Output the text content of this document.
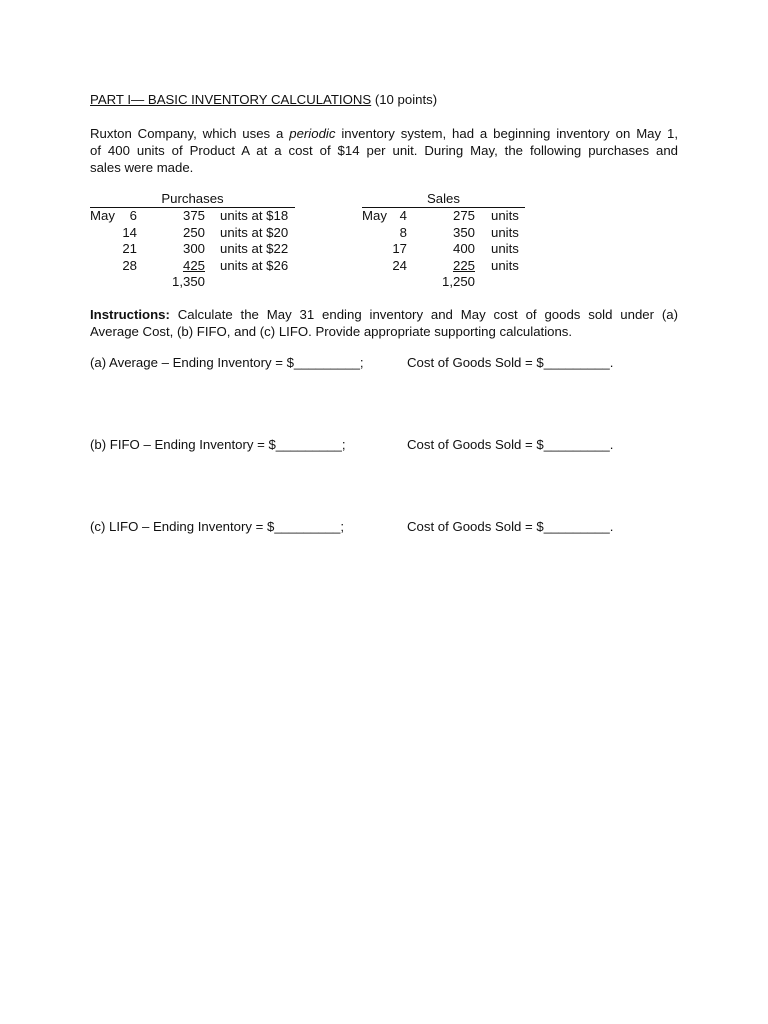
PART I— BASIC INVENTORY CALCULATIONS (10 points)
Ruxton Company, which uses a periodic inventory system, had a beginning inventory on May 1,
of 400 units of Product A at a cost of $14 per unit. During May, the following purchases and
sales were made.
Purchases
May 6	375 units at $18
14	250 units at $20
21	300 units at $22
28	425 units at $26
1,350
Sales
May 4	275 units
8	350 units
17	400 units
24	225 units
1,250
Instructions: Calculate the May 31 ending inventory and May cost of goods sold under (a)
Average Cost, (b) FIFO, and (c) LIFO. Provide appropriate supporting calculations.
(a) Average – Ending Inventory = $_________;	Cost of Goods Sold = $_________.
(b) FIFO – Ending Inventory = $_________;	Cost of Goods Sold = $_________.
(c) LIFO – Ending Inventory = $_________;	Cost of Goods Sold = $_________.
